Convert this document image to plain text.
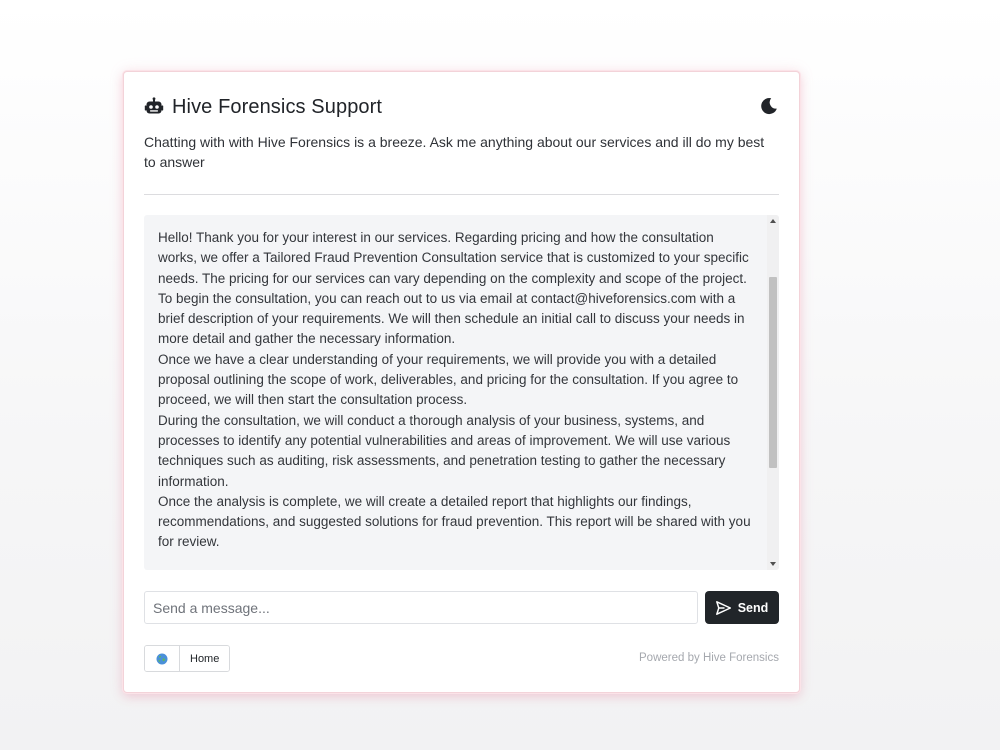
Hive Forensics Support
Chatting with with Hive Forensics is a breeze. Ask me anything about our services and ill do my best to answer

Hello! Thank you for your interest in our services. Regarding pricing and how the consultation works, we offer a Tailored Fraud Prevention Consultation service that is customized to your specific needs. The pricing for our services can vary depending on the complexity and scope of the project.

To begin the consultation, you can reach out to us via email at contact@hiveforensics.com with a brief description of your requirements. We will then schedule an initial call to discuss your needs in more detail and gather the necessary information.

Once we have a clear understanding of your requirements, we will provide you with a detailed proposal outlining the scope of work, deliverables, and pricing for the consultation. If you agree to proceed, we will then start the consultation process.

During the consultation, we will conduct a thorough analysis of your business, systems, and processes to identify any potential vulnerabilities and areas of improvement. We will use various techniques such as auditing, risk assessments, and penetration testing to gather the necessary information.

Once the analysis is complete, we will create a detailed report that highlights our findings, recommendations, and suggested solutions for fraud prevention. This report will be shared with you for review.

Send a message...
Send
Home	Powered by Hive Forensics
